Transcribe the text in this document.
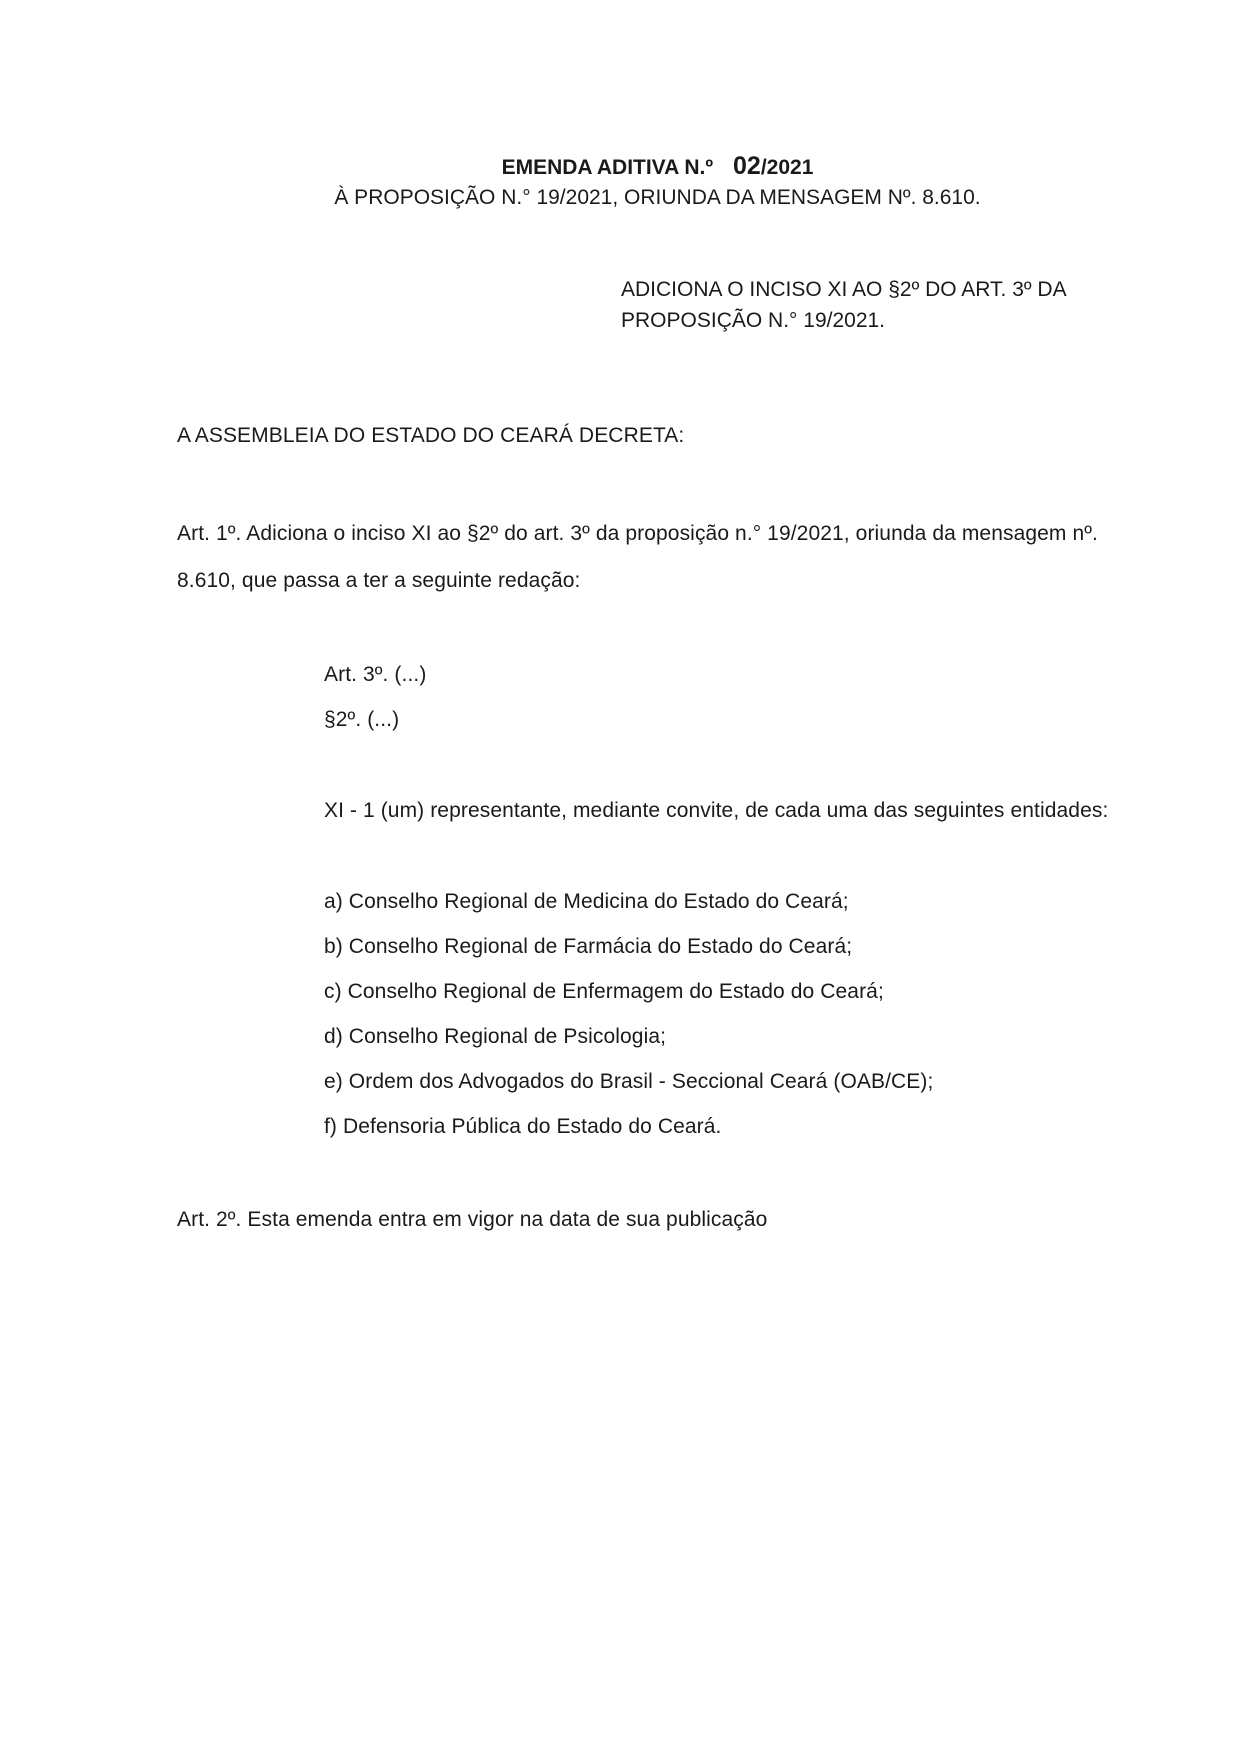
EMENDA ADITIVA N.º 02/2021
À PROPOSIÇÃO N.° 19/2021, ORIUNDA DA MENSAGEM Nº. 8.610.
ADICIONA O INCISO XI AO §2º DO ART. 3º DA
PROPOSIÇÃO N.° 19/2021.
A ASSEMBLEIA DO ESTADO DO CEARÁ DECRETA:
Art. 1º. Adiciona o inciso XI ao §2º do art. 3º da proposição n.° 19/2021, oriunda da mensagem nº.
8.610, que passa a ter a seguinte redação:
Art. 3º. (...)
§2º. (...)
XI - 1 (um) representante, mediante convite, de cada uma das seguintes entidades:
a) Conselho Regional de Medicina do Estado do Ceará;
b) Conselho Regional de Farmácia do Estado do Ceará;
c) Conselho Regional de Enfermagem do Estado do Ceará;
d) Conselho Regional de Psicologia;
e) Ordem dos Advogados do Brasil - Seccional Ceará (OAB/CE);
f) Defensoria Pública do Estado do Ceará.
Art. 2º. Esta emenda entra em vigor na data de sua publicação
